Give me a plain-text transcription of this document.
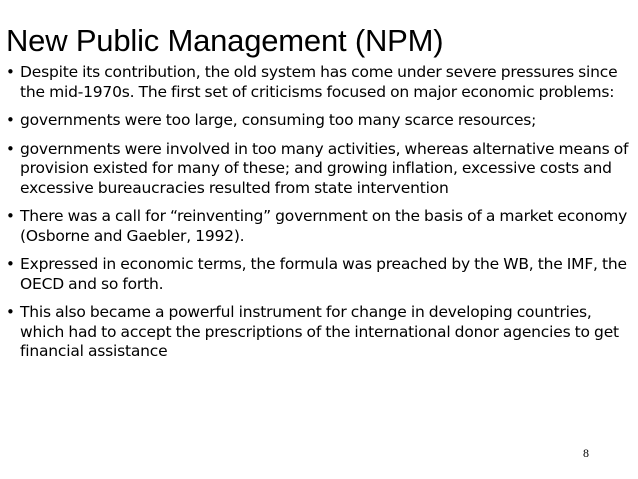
New Public Management (NPM)
• Despite its contribution, the old system has come under severe pressures since the mid-1970s. The first set of criticisms focused on major economic problems:
• governments were too large, consuming too many scarce resources;
• governments were involved in too many activities, whereas alternative means of provision existed for many of these; and growing inflation, excessive costs and excessive bureaucracies resulted from state intervention
• There was a call for “reinventing” government on the basis of a market economy (Osborne and Gaebler, 1992).
• Expressed in economic terms, the formula was preached by the WB, the IMF, the OECD and so forth.
• This also became a powerful instrument for change in developing countries, which had to accept the prescriptions of the international donor agencies to get financial assistance
8
